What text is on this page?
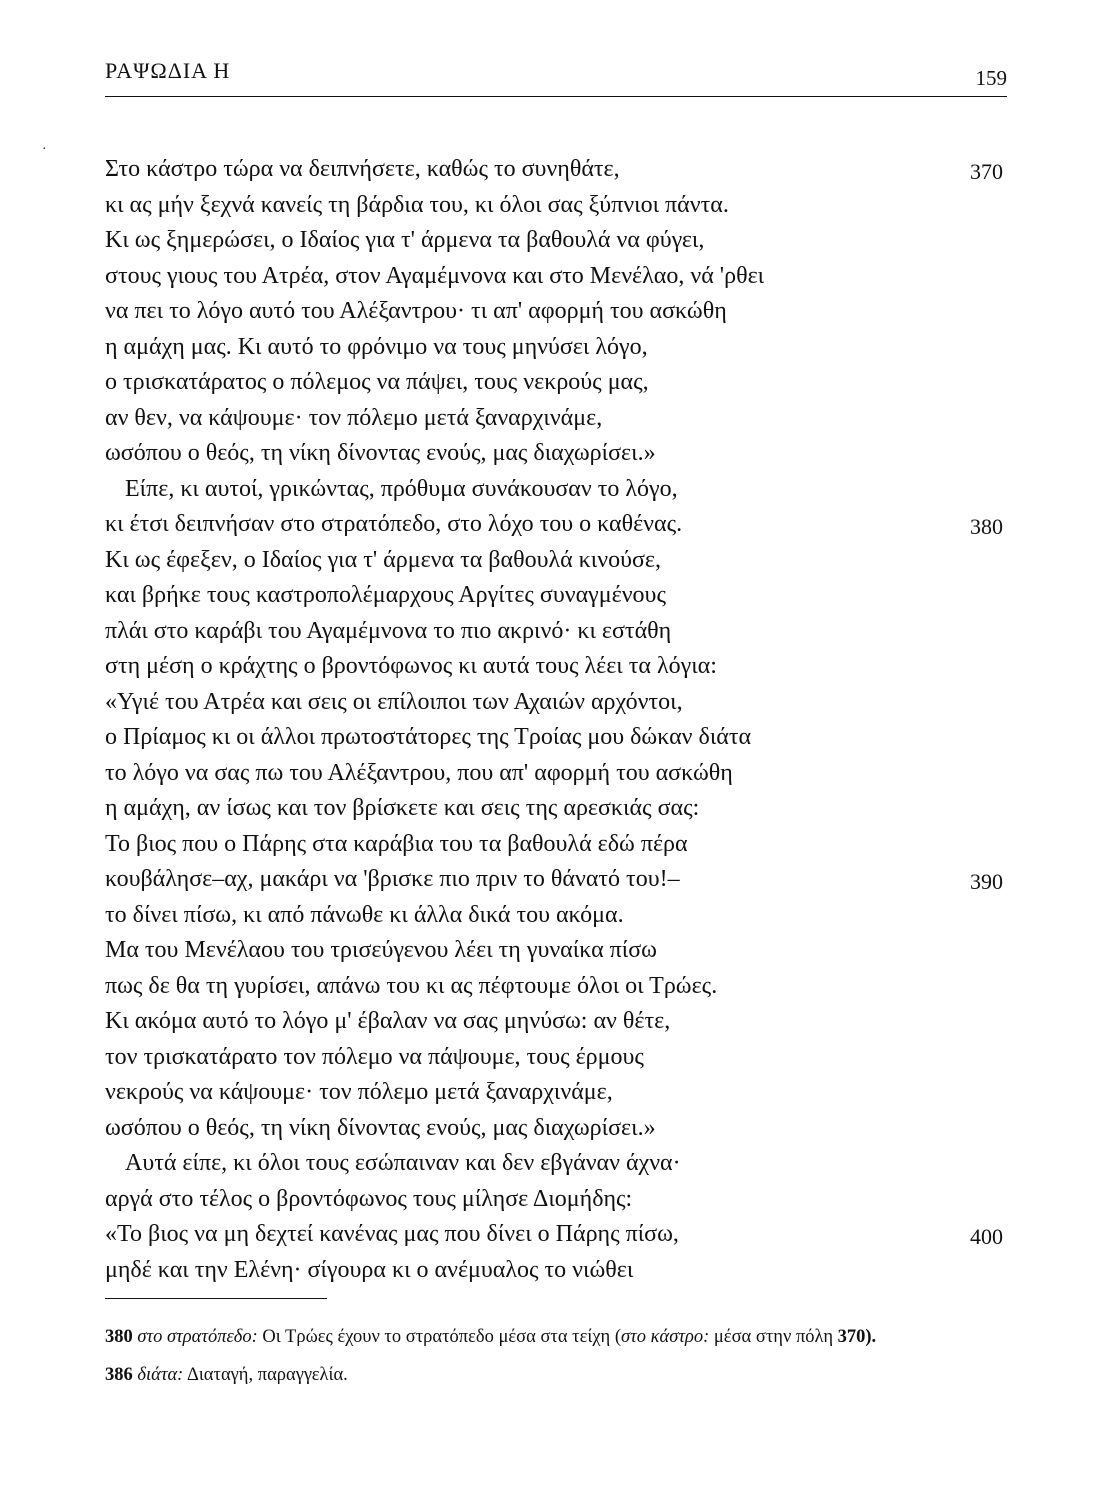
ΡΑΨΩΔΙΑ Η	159
·
Στο κάστρο τώρα να δειπνήσετε, καθώς το συνηθάτε,	370
κι ας μήν ξεχνά κανείς τη βάρδια του, κι όλοι σας ξύπνιοι πάντα.
Κι ως ξημερώσει, ο Ιδαίος για τ' άρμενα τα βαθουλά να φύγει,
στους γιους του Ατρέα, στον Αγαμέμνονα και στο Μενέλαο, νά 'ρθει
να πει το λόγο αυτό του Αλέξαντρου· τι απ' αφορμή του ασκώθη
η αμάχη μας. Κι αυτό το φρόνιμο να τους μηνύσει λόγο,
ο τρισκατάρατος ο πόλεμος να πάψει, τους νεκρούς μας,
αν θεν, να κάψουμε· τον πόλεμο μετά ξαναρχινάμε,
ωσόπου ο θεός, τη νίκη δίνοντας ενούς, μας διαχωρίσει.»
Είπε, κι αυτοί, γρικώντας, πρόθυμα συνάκουσαν το λόγο,
κι έτσι δειπνήσαν στο στρατόπεδο, στο λόχο του ο καθένας.	380
Κι ως έφεξεν, ο Ιδαίος για τ' άρμενα τα βαθουλά κινούσε,
και βρήκε τους καστροπολέμαρχους Αργίτες συναγμένους
πλάι στο καράβι του Αγαμέμνονα το πιο ακρινό· κι εστάθη
στη μέση ο κράχτης ο βροντόφωνος κι αυτά τους λέει τα λόγια:
«Υγιέ του Ατρέα και σεις οι επίλοιποι των Αχαιών αρχόντοι,
ο Πρίαμος κι οι άλλοι πρωτοστάτορες της Τροίας μου δώκαν διάτα
το λόγο να σας πω του Αλέξαντρου, που απ' αφορμή του ασκώθη
η αμάχη, αν ίσως και τον βρίσκετε και σεις της αρεσκιάς σας:
Το βιος που ο Πάρης στα καράβια του τα βαθουλά εδώ πέρα
κουβάλησε–αχ, μακάρι να 'βρισκε πιο πριν το θάνατό του!–	390
το δίνει πίσω, κι από πάνωθε κι άλλα δικά του ακόμα.
Μα του Μενέλαου του τρισεύγενου λέει τη γυναίκα πίσω
πως δε θα τη γυρίσει, απάνω του κι ας πέφτουμε όλοι οι Τρώες.
Κι ακόμα αυτό το λόγο μ' έβαλαν να σας μηνύσω: αν θέτε,
τον τρισκατάρατο τον πόλεμο να πάψουμε, τους έρμους
νεκρούς να κάψουμε· τον πόλεμο μετά ξαναρχινάμε,
ωσόπου ο θεός, τη νίκη δίνοντας ενούς, μας διαχωρίσει.»
Αυτά είπε, κι όλοι τους εσώπαιναν και δεν εβγάναν άχνα·
αργά στο τέλος ο βροντόφωνος τους μίλησε Διομήδης:
«Το βιος να μη δεχτεί κανένας μας που δίνει ο Πάρης πίσω,	400
μηδέ και την Ελένη· σίγουρα κι ο ανέμυαλος το νιώθει
380 στο στρατόπεδο: Οι Τρώες έχουν το στρατόπεδο μέσα στα τείχη (στο κάστρο: μέσα στην πόλη 370).
386 διάτα: Διαταγή, παραγγελία.
